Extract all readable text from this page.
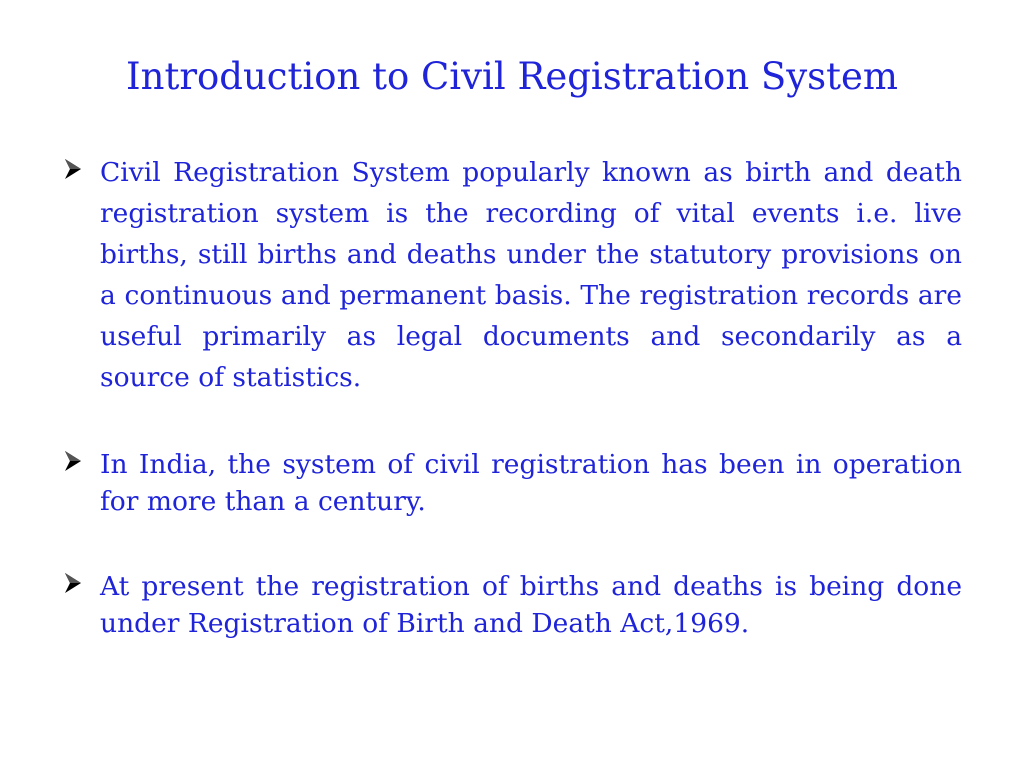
Introduction to Civil Registration System
Civil Registration System popularly known as birth and death registration system is the recording of vital events i.e. live births, still births and deaths under the statutory provisions on a continuous and permanent basis. The registration records are useful primarily as legal documents and secondarily as a source of statistics.
In India, the system of civil registration has been in operation for more than a century.
At present the registration of births and deaths is being done under Registration of Birth and Death Act,1969.
